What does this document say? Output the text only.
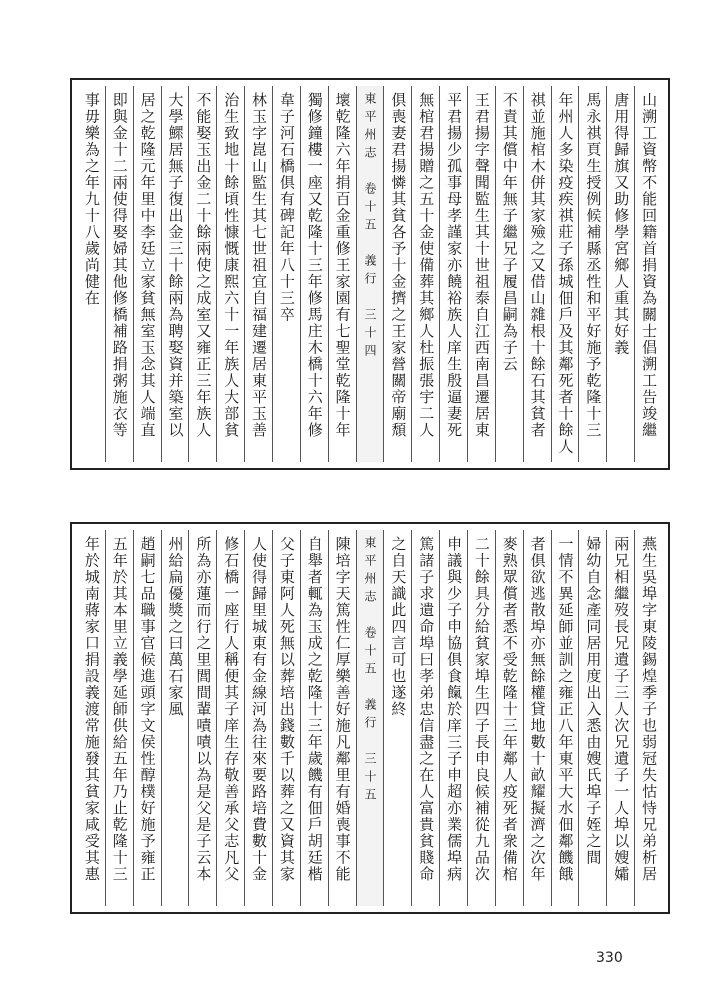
山溯工資幣不能回籍首捐資為關士倡溯工告竣繼
唐用得歸旗又助修學宮鄉人重其好義
馬永祺頁生授例候補縣丞性和平好施予乾隆十三
年州人多染疫疾祺莊子孫城佃戶及其鄰死者十餘人
祺並施棺木併其家殮之又借山雜根十餘石其貧者
不責其償中年無子繼兄子履昌嗣為子云
王君揚字聲聞監生其十世祖泰自江西南昌遷居東
平君揚少孤事母孝謹家亦饒裕族人庠生殷逼妻死
無棺君揚贈之五十金使備葬其鄉人杜振張宇二人
俱喪妻君揚憐其貧各予十金擠之王家營關帝廟頹
東平州志　卷十五　義行　三十四
壞乾隆六年捐百金重修王家園有七聖堂乾隆十年
獨修鐘樓一座又乾隆十三年修馬庄木橋十六年修
韋子河石橋俱有碑記年八十三卒
林玉字崑山監生其七世祖宜自福建遷居東平玉善
治生致地十餘頃性慷慨康熙六十一年族人大部貧
不能娶玉出金二十餘兩使之成室又雍正三年族人
大學鰥居無子復出金三十餘兩為聘娶資并築室以
居之乾隆元年里中李廷立家貧無室玉念其人端直
即與金十二兩使得娶婦其他修橋補路捐粥施衣等
事毋樂為之年九十八歲尚健在
燕生吳埠字東陵錫煌季子也弱冠失怙恃兄弟析居
兩兄相繼歿長兄遺子三人次兄遺子一人埠以嫂孀
婦幼自念產同居用度出入悉由嫂氏埠子姪之間
一情不異延師並訓之雍正八年東平大水佃鄰饑餓
者俱欲逃散埠亦無餘權貸地數十畝耀擬濟之次年
麥熟眾償者悉不受乾隆十三年鄰人疫死者衆備棺
二十餘具分給貧家埠生四子長申良候補從九品次
申議與少子申協俱食餼於庠三子申超亦業儒埠病
篤諸子求遺命埠曰孝弟忠信盡之在人富貴貧賤命
之自天識此四言可也遂終
東平州志　卷十五　義行　三十五
陳培字天篤性仁厚樂善好施凡鄰里有婚喪事不能
自舉者輒為玉成之乾隆十三年歲饑有佃戶胡廷楷
父子東阿人死無以葬培出錢數千以葬之又資其家
人使得歸里城東有金線河為往來要路培費數十金
修石橋一座行人稱便其子庠生存敬善承父志凡父
所為亦蓮而行之里閭間輩嘖嘖以為是父是子云本
州給扁優獎之曰萬石家風
趙嗣七品職事官候進頭字文侯性醇樸好施予雍正
五年於其本里立義學延師供給五年乃止乾隆十三
年於城南蔣家口捐設義渡常施發其貧家咸受其惠
330
